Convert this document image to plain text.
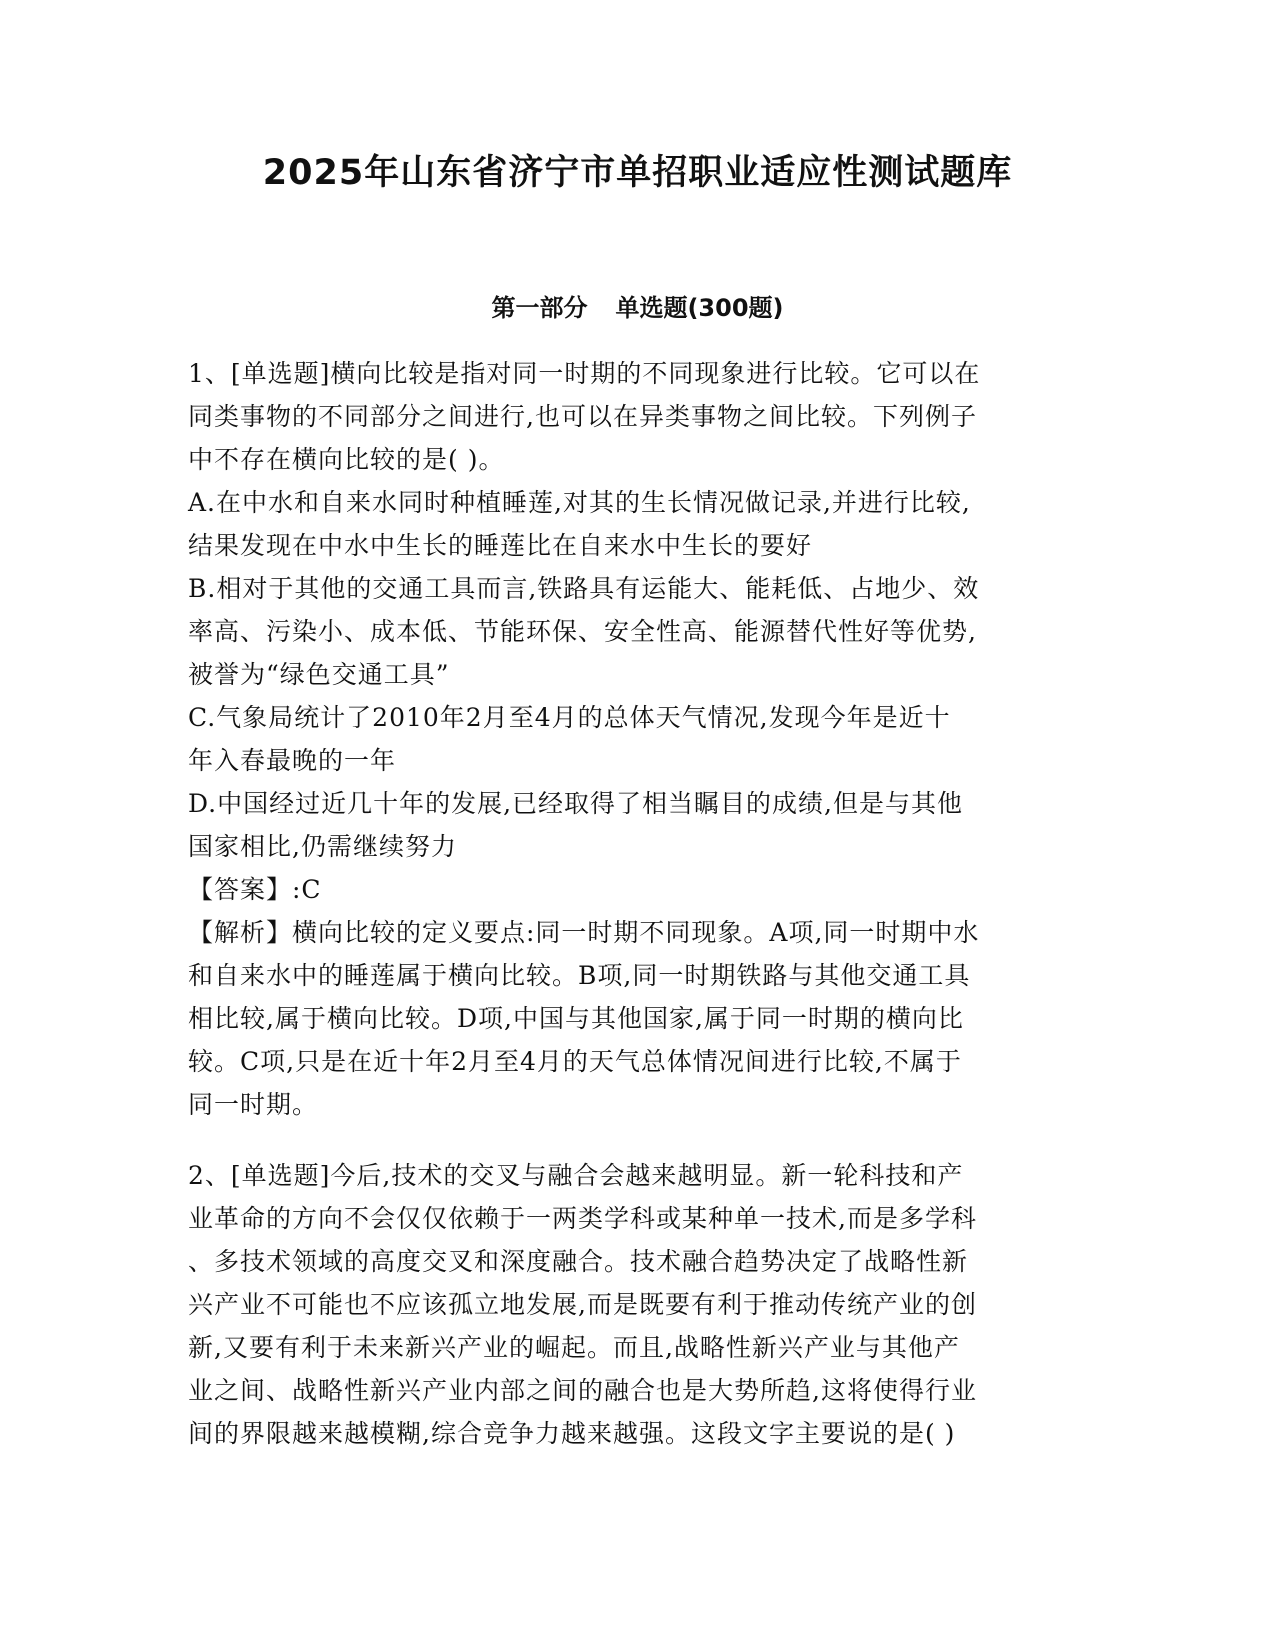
2025年山东省济宁市单招职业适应性测试题库
第一部分 单选题(300题)

1、[单选题]横向比较是指对同一时期的不同现象进行比较。它可以在

同类事物的不同部分之间进行,也可以在异类事物之间比较。下列例子

中不存在横向比较的是( )。

A.在中水和自来水同时种植睡莲,对其的生长情况做记录,并进行比较,

结果发现在中水中生长的睡莲比在自来水中生长的要好

B.相对于其他的交通工具而言,铁路具有运能大、能耗低、占地少、效

率高、污染小、成本低、节能环保、安全性高、能源替代性好等优势,

被誉为“绿色交通工具”

C.气象局统计了2010年2月至4月的总体天气情况,发现今年是近十

年入春最晚的一年

D.中国经过近几十年的发展,已经取得了相当瞩目的成绩,但是与其他

国家相比,仍需继续努力

【答案】:C

【解析】横向比较的定义要点:同一时期不同现象。A项,同一时期中水

和自来水中的睡莲属于横向比较。B项,同一时期铁路与其他交通工具

相比较,属于横向比较。D项,中国与其他国家,属于同一时期的横向比

较。C项,只是在近十年2月至4月的天气总体情况间进行比较,不属于

同一时期。

2、[单选题]今后,技术的交叉与融合会越来越明显。新一轮科技和产

业革命的方向不会仅仅依赖于一两类学科或某种单一技术,而是多学科

、多技术领域的高度交叉和深度融合。技术融合趋势决定了战略性新

兴产业不可能也不应该孤立地发展,而是既要有利于推动传统产业的创

新,又要有利于未来新兴产业的崛起。而且,战略性新兴产业与其他产

业之间、战略性新兴产业内部之间的融合也是大势所趋,这将使得行业

间的界限越来越模糊,综合竞争力越来越强。这段文字主要说的是( )
